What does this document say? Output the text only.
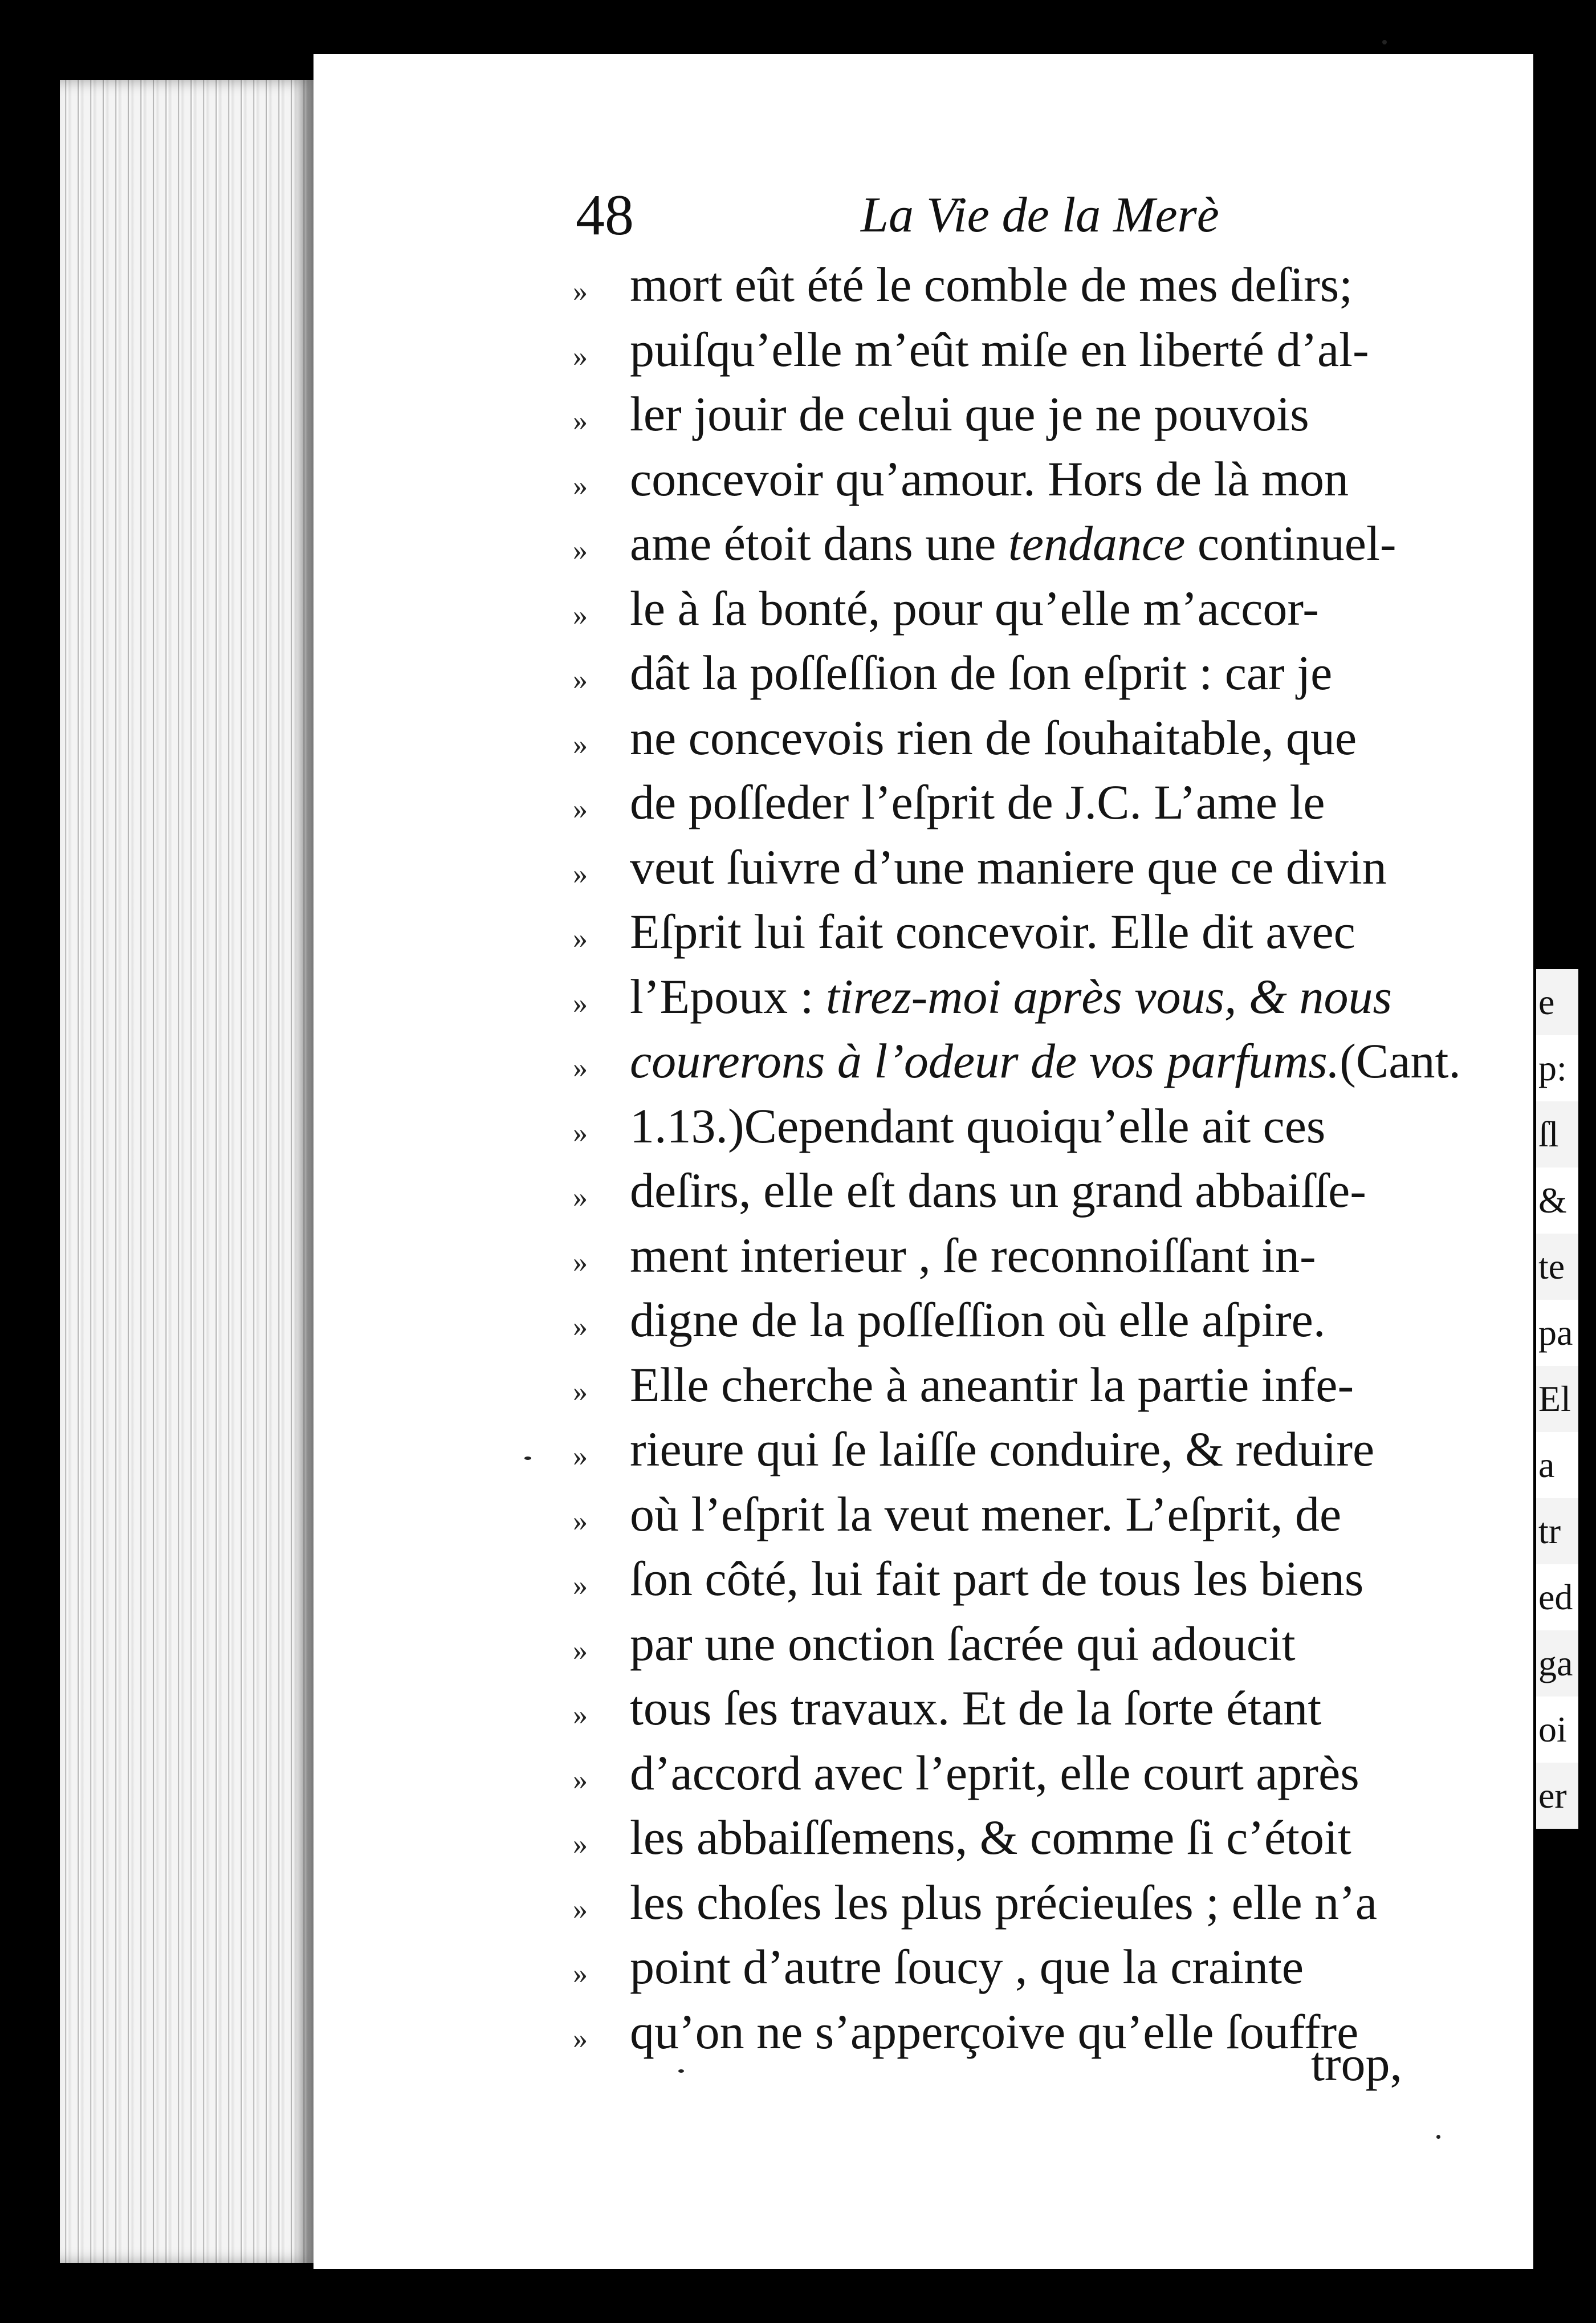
e
p:
ſl
&
te
pa
El
a
tr
ed
ga
oi
er
48	La Vie de la Merè
» mort eût été le comble de mes deſirs;
» puiſqu’elle m’eût miſe en liberté d’al-
» ler jouir de celui que je ne pouvois
» concevoir qu’amour. Hors de là mon
» ame étoit dans une tendance continuel-
» le à ſa bonté, pour qu’elle m’accor-
» dât la poſſeſſion de ſon eſprit : car je
» ne concevois rien de ſouhaitable, que
» de poſſeder l’eſprit de J.C. L’ame le
» veut ſuivre d’une maniere que ce divin
» Eſprit lui fait concevoir. Elle dit avec
» l’Epoux : tirez-moi après vous, & nous
» courerons à l’odeur de vos parfums.(Cant.
» 1.13.)Cependant quoiqu’elle ait ces
» deſirs, elle eſt dans un grand abbaiſſe-
» ment interieur , ſe reconnoiſſant in-
» digne de la poſſeſſion où elle aſpire.
» Elle cherche à aneantir la partie infe-
» rieure qui ſe laiſſe conduire, & reduire
» où l’eſprit la veut mener. L’eſprit, de
» ſon côté, lui fait part de tous les biens
» par une onction ſacrée qui adoucit
» tous ſes travaux. Et de la ſorte étant
» d’accord avec l’eprit, elle court après
» les abbaiſſemens, & comme ſi c’étoit
» les choſes les plus précieuſes ; elle n’a
» point d’autre ſoucy , que la crainte
» qu’on ne s’apperçoive qu’elle ſouffre
trop,
